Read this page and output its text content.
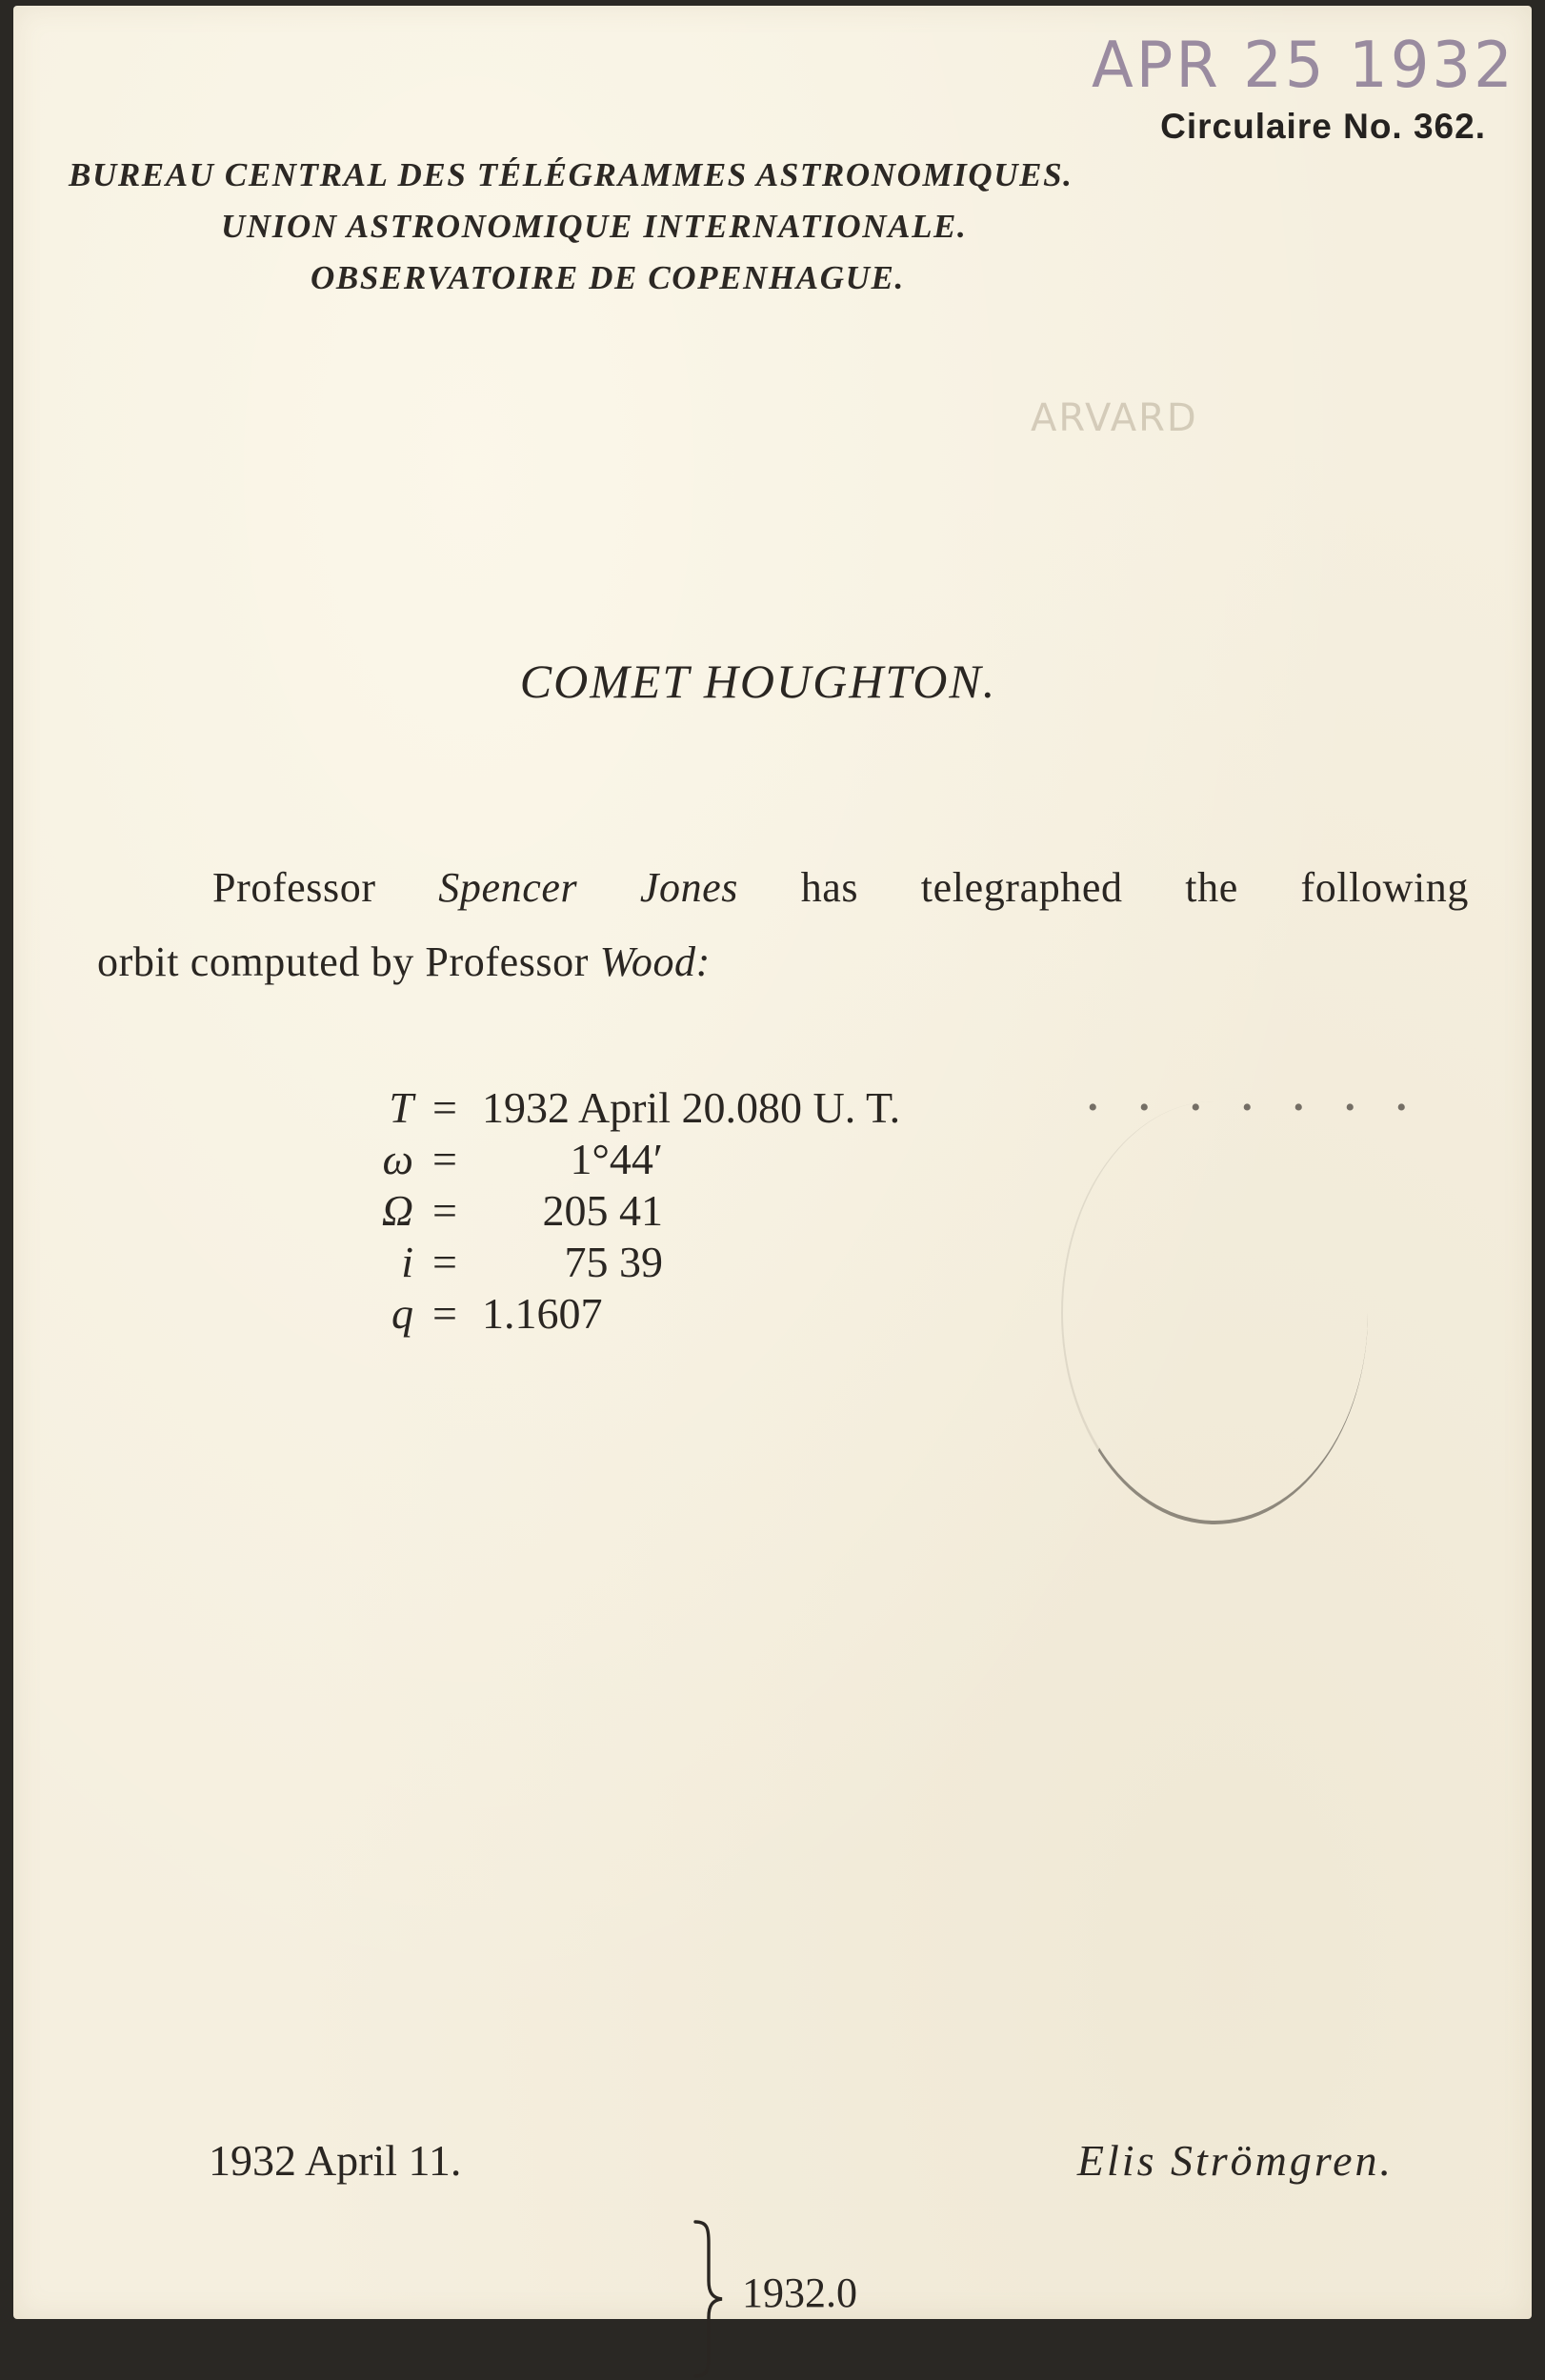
APR 25 1932
Circulaire No. 362.
BUREAU CENTRAL DES TÉLÉGRAMMES ASTRONOMIQUES.
UNION ASTRONOMIQUE INTERNATIONALE.
OBSERVATOIRE DE COPENHAGUE.
ARVARD
COMET HOUGHTON.
Professor Spencer Jones has telegraphed the following
orbit computed by Professor Wood:
T = 1932 April 20.080 U. T.
ω =	1°44′
Ω =	205 41
i =	75 39
q = 1.1607
1932.0
• • • • • • •
1932 April 11.	Elis Strömgren.
